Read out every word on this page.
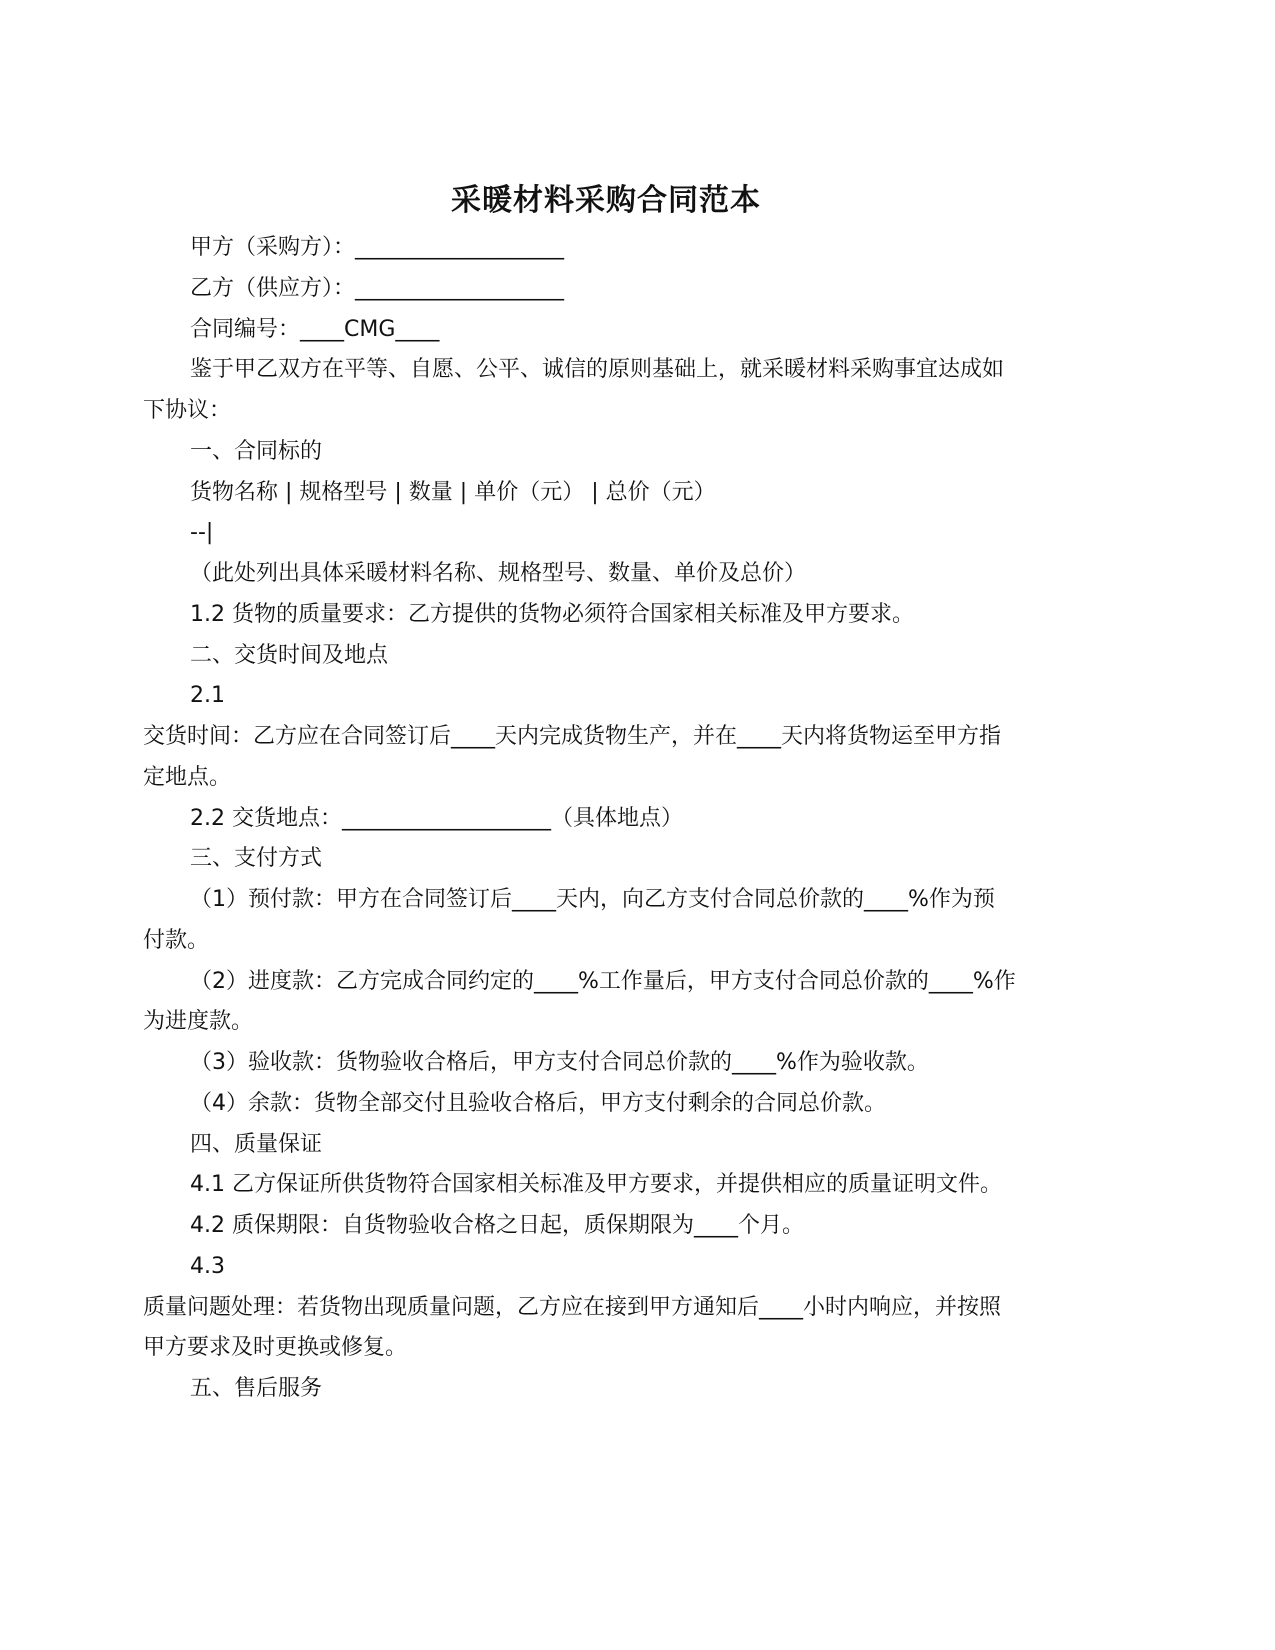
采暖材料采购合同范本
甲方（采购方）：___________________
乙方（供应方）：___________________
合同编号：____CMG____
鉴于甲乙双方在平等、自愿、公平、诚信的原则基础上，就采暖材料采购事宜达成如
下协议：
一、合同标的
货物名称 | 规格型号 | 数量 | 单价（元） | 总价（元）
--|
（此处列出具体采暖材料名称、规格型号、数量、单价及总价）
1.2 货物的质量要求：乙方提供的货物必须符合国家相关标准及甲方要求。
二、交货时间及地点
2.1
交货时间：乙方应在合同签订后____天内完成货物生产，并在____天内将货物运至甲方指
定地点。
2.2 交货地点：___________________（具体地点）
三、支付方式
（1）预付款：甲方在合同签订后____天内，向乙方支付合同总价款的____%作为预
付款。
（2）进度款：乙方完成合同约定的____%工作量后，甲方支付合同总价款的____%作
为进度款。
（3）验收款：货物验收合格后，甲方支付合同总价款的____%作为验收款。
（4）余款：货物全部交付且验收合格后，甲方支付剩余的合同总价款。
四、质量保证
4.1 乙方保证所供货物符合国家相关标准及甲方要求，并提供相应的质量证明文件。
4.2 质保期限：自货物验收合格之日起，质保期限为____个月。
4.3
质量问题处理：若货物出现质量问题，乙方应在接到甲方通知后____小时内响应，并按照
甲方要求及时更换或修复。
五、售后服务
